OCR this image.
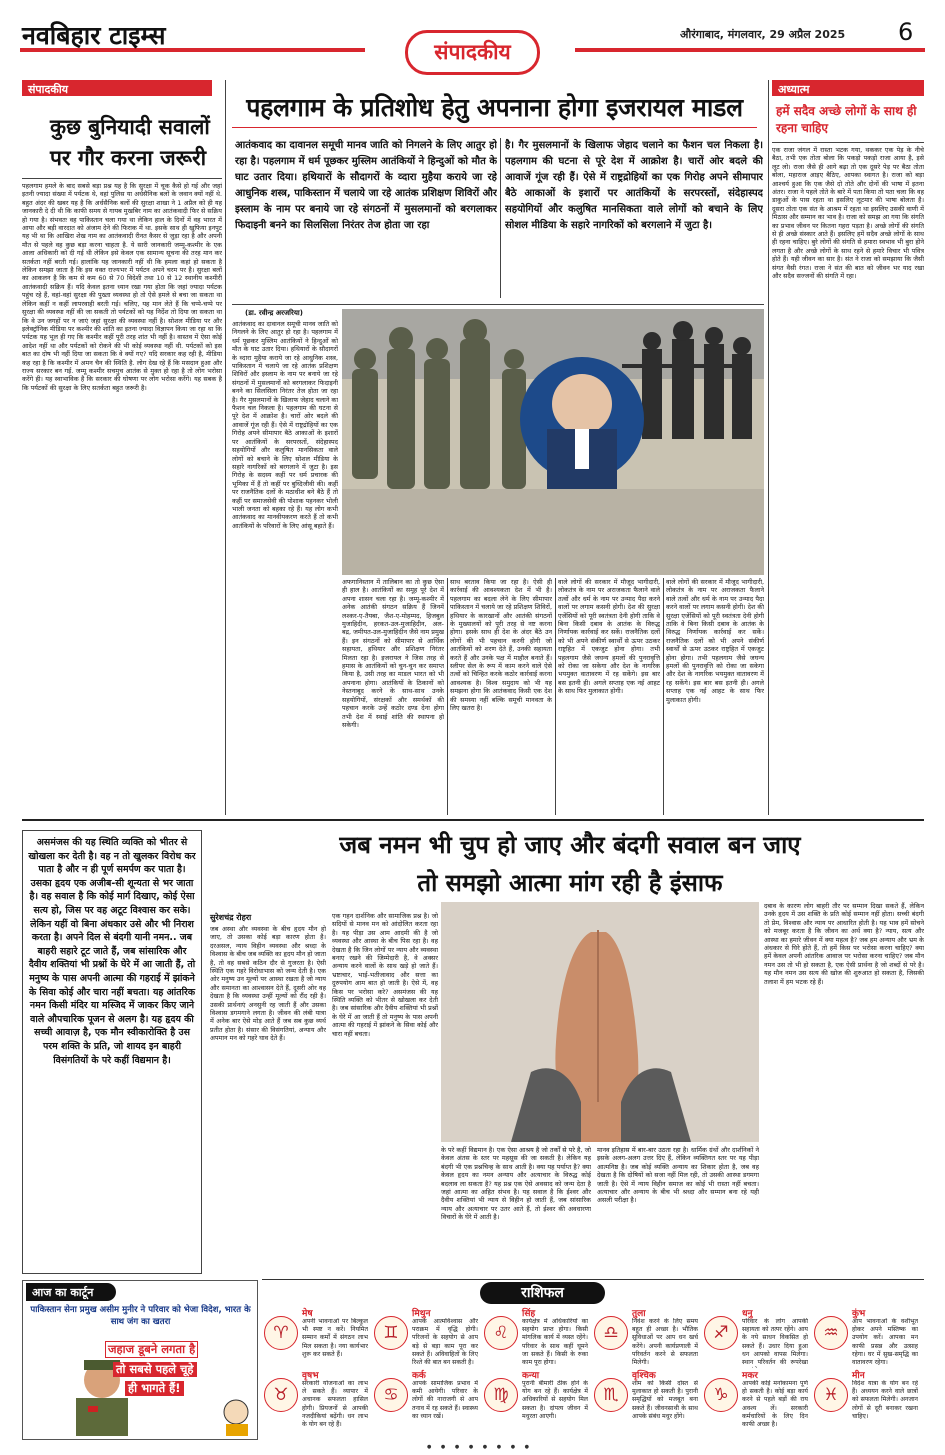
नवबिहार टाइम्स
संपादकीय
औरंगाबाद, मंगलवार, 29 अप्रैल 2025 6
संपादकीय
कुछ बुनियादी सवालों पर गौर करना जरूरी
पहलगाम हमले के बाद सबसे बड़ा प्रश्न यह है कि सुरक्षा में चूक कैसे हो गई और जहां इतनी ज्यादा संख्या में पर्यटक थे, वहां पुलिस या अर्धसैनिक बलों के जवान क्यों नहीं थे. बहुत अंदर की खबर यह है कि अर्धसैनिक बलों की सुरक्षा शाखा ने 1 अप्रैल को ही यह जानकारी दे दी थी कि काफी समय से गायब मुखबिर नाम का आतंकवादी फिर से सक्रिय हो गया है। संभवतः वह पाकिस्तान चला गया था लेकिन हाल के दिनों में वह भारत में आया और बड़ी वारदात को अंजाम देने की फिराक में था. इसके साथ ही खुफिया इनपुट यह भी था कि आखिरा शेख नाम का आतंकवादी रीनत कैसर से जुड़ा रहा है और अपनी मौत से पहले वह कुछ बड़ा करना चाहता है. ये सारी जानकारी जम्मू-कश्मीर के एक आला अधिकारी को दी गई थी लेकिन इसे केवल एक सामान्य सूचना की तरह मान कर सतर्कता नहीं बरती गई। हालांकि यह जानकारी नहीं थी कि हमला कहां हो सकता है लेकिन समझा जाता है कि इस वक्त राज्यभर में पर्यटन अपने चरम पर है। सुरक्षा बलों का आकलन है कि कम से कम 60 से 70 विदेशी तथा 10 से 12 स्थानीय कश्मीरी आतंकवादी सक्रिय हैं। यदि केवल इतना ध्यान रखा गया होता कि जहां ज्यादा पर्यटक पहुंच रहे हैं, वहां-वहां सुरक्षा की पुख्ता व्यवस्था हो तो ऐसे हमले से बचा जा सकता था लेकिन कहीं न कहीं लापरवाही बरती गई। चलिए, यह मान लेते हैं कि चप्पे-चप्पे पर सुरक्षा की व्यवस्था नहीं की जा सकती तो पर्यटकों को यह निर्देश तो दिया जा सकता था कि वे उन जगहों पर न जाएं जहां सुरक्षा की व्यवस्था नहीं है। सोशल मीडिया पर और इलेक्ट्रॉनिक मीडिया पर कश्मीर की शांति का इतना ज्यादा विज्ञापन किया जा रहा था कि पर्यटक यह भूल ही गए कि कश्मीर कहीं पूरी तरह शांत भी नहीं है। वास्तव में ऐसा कोई आदेश नहीं था और पर्यटकों को रोकने की भी कोई व्यवस्था नहीं थी. पर्यटकों को इस बात का दोष भी नहीं दिया जा सकता कि वे क्यों गए? यदि सरकार कह रही है, मीडिया कह रहा है कि कश्मीर में अमन चैन की स्थिति है. लोग देख रहे हैं कि मसदान हुआ और राज्य सरकार बन गई. जम्मू कश्मीर सचमुच आतंक से मुक्त हो रहा है तो लोग भरोसा करेंगे ही। यह स्वाभाविक है कि सरकार की घोषणा पर लोग भरोसा करेंगे। यह सबक है कि पर्यटकों की सुरक्षा के लिए सतर्कता बहुत जरूरी है।
पहलगाम के प्रतिशोध हेतु अपनाना होगा इजरायल माडल
आतंकवाद का दावानल समूची मानव जाति को निगलने के लिए आतुर हो रहा है। पहलगाम में धर्म पूछकर मुस्लिम आतंकियों ने हिन्दुओं को मौत के घाट उतार दिया। हथियारों के सौदागरों के व्दारा मुहैया कराये जा रहे आधुनिक शस्त्र, पाकिस्तान में चलाये जा रहे आतंक प्रशिक्षण शिविरों और इस्लाम के नाम पर बनाये जा रहे संगठनों में मुसलमानों को बरगलाकर फिदाइनी बनने का सिलसिला निरंतर तेज होता जा रहा
है। गैर मुसलमानों के खिलाफ जेहाद चलाने का फैशन चल निकला है। पहलगाम की घटना से पूरे देश में आक्रोश है। चारों ओर बदले की आवाजें गूंज रही हैं। ऐसे में राष्ट्रद्रोहियों का एक गिरोह अपने सीमापार बैठे आकाओं के इशारों पर आतंकियों के सरपरस्तों, संदेहास्पद सहयोगियों और कलुषित मानसिकता वाले लोगों को बचाने के लिए सोशल मीडिया के सहारे नागरिकों को बरगलाने में जुटा है।
(डा. रवीन्द्र अरजरिया)
आतंकवाद का दावानल समूची मानव जाति को निगलने के लिए आतुर हो रहा है। पहलगाम में धर्म पूछकर मुस्लिम आतंकियों ने हिन्दुओं को मौत के घाट उतार दिया। हथियारों के सौदागरों के व्दारा मुहैया कराये जा रहे आधुनिक शस्त्र, पाकिस्तान में चलाये जा रहे आतंक प्रशिक्षण शिविरों और इस्लाम के नाम पर बनाये जा रहे संगठनों में मुसलमानों को बरगलाकर फिदाइनी बनने का सिलसिला निरंतर तेज होता जा रहा है। गैर मुसलमानों के खिलाफ जेहाद चलाने का फैशन चल निकला है। पहलगाम की घटना से पूरे देश में आक्रोश है। चारों ओर बदले की आवाजें गूंज रही हैं। ऐसे में राष्ट्रद्रोहियों का एक गिरोह अपने सीमापार बैठे आकाओं के इशारों पर आतंकियों के सरपरस्तों, संदेहास्पद सहयोगियों और कलुषित मानसिकता वाले लोगों को बचाने के लिए सोशल मीडिया के सहारे नागरिकों को बरगलाने में जुटा है। इस गिरोह के सदस्य कहीं पर धर्म प्रचारक की भूमिका में हैं तो कहीं पर बुध्दिजीवी की। कहीं पर राजनैतिक दलों के मठाधीश बने बैठे हैं तो कहीं पर समाजसेवी की पोशाक पहनकर भोली भाली जनता को बहका रहे हैं। यह लोग कभी आतंकवाद का मानवीयकरण करते हैं तो कभी आतंकियों के परिवारों के लिए आंसू बहाते हैं।
अफगानिस्तान में तालिबान का तो कुछ ऐसा ही हाल है। आतंकियों का समूह पूरे देश में अपना शासन चला रहा है। जम्मू-कश्मीर में अनेक आतंकी संगठन सक्रिय हैं जिनमें लश्कर-ए-तैयबा, जैश-ए-मोहम्मद, हिजबुल मुजाहिदीन, हरकत-उल-मुजाहिदीन, अल-बद्र, जमीयत-उल-मुजाहिदीन जैसे नाम प्रमुख हैं। इन संगठनों को सीमापार से आर्थिक सहायता, हथियार और प्रशिक्षण निरंतर मिलता रहा है। इजरायल ने जिस तरह से हमास के आतंकियों को चुन-चुन कर समाप्त किया है, उसी तरह का माडल भारत को भी अपनाना होगा। आतंकियों के ठिकानों को नेस्तनाबूद करने के साथ-साथ उनके सहयोगियों, संरक्षकों और समर्थकों की पहचान करके उन्हें कठोर दण्ड देना होगा तभी देश में स्थाई शांति की स्थापना हो सकेगी।
साथ बरताव किया जा रहा है। ऐसी ही कार्रवाई की आवश्यकता देश में भी है। पहलगाम का बदला लेने के लिए सीमापार पाकिस्तान में चलाये जा रहे प्रशिक्षण शिविरों, हथियार के कारखानों और आतंकी संगठनों के मुख्यालयों को पूरी तरह से नष्ट करना होगा। इसके साथ ही देश के अंदर बैठे उन लोगों की भी पहचान करनी होगी जो आतंकियों को शरण देते हैं, उनकी सहायता करते हैं और उनके पक्ष में माहौल बनाते हैं। स्लीपर सेल के रूप में काम करने वाले ऐसे तत्वों को चिन्हित करके कठोर कार्रवाई करना आवश्यक है। विश्व समुदाय को भी यह समझना होगा कि आतंकवाद किसी एक देश की समस्या नहीं बल्कि समूची मानवता के लिए खतरा है।
वाले लोगों की सरकार में मौजूद भागीदारी, लोकतंत्र के नाम पर अराजकता फैलाने वाले तत्वों और धर्म के नाम पर उन्माद पैदा करने वालों पर लगाम कसनी होगी। देश की सुरक्षा एजेंसियों को पूरी स्वतंत्रता देनी होगी ताकि वे बिना किसी दबाव के आतंक के विरुद्ध निर्णायक कार्रवाई कर सकें। राजनैतिक दलों को भी अपने संकीर्ण स्वार्थों से ऊपर उठकर राष्ट्रहित में एकजुट होना होगा। तभी पहलगाम जैसे जघन्य हमलों की पुनरावृत्ति को रोका जा सकेगा और देश के नागरिक भयमुक्त वातावरण में रह सकेंगे। इस बार बस इतनी ही। अगले सप्ताह एक नई आहट के साथ फिर मुलाकात होगी।
वाले लोगों की सरकार में मौजूद भागीदारी, लोकतंत्र के नाम पर अराजकता फैलाने वाले तत्वों और धर्म के नाम पर उन्माद पैदा करने वालों पर लगाम कसनी होगी। देश की सुरक्षा एजेंसियों को पूरी स्वतंत्रता देनी होगी ताकि वे बिना किसी दबाव के आतंक के विरुद्ध निर्णायक कार्रवाई कर सकें। राजनैतिक दलों को भी अपने संकीर्ण स्वार्थों से ऊपर उठकर राष्ट्रहित में एकजुट होना होगा। तभी पहलगाम जैसे जघन्य हमलों की पुनरावृत्ति को रोका जा सकेगा और देश के नागरिक भयमुक्त वातावरण में रह सकेंगे। इस बार बस इतनी ही। अगले सप्ताह एक नई आहट के साथ फिर मुलाकात होगी।
अध्यात्म
हमें सदैव अच्छे लोगों के साथ ही रहना चाहिए
एक राजा जंगल में रास्ता भटक गया, थककर एक पेड़ के नीचे बैठा, तभी एक तोता बोला कि पकड़ो पकड़ो राजा आया है, इसे लूट लो। राजा जैसे ही आगे बढ़ा तो एक दूसरे पेड़ पर बैठा तोता बोला, महाराज आइए बैठिए, आपका स्वागत है। राजा को बड़ा आश्चर्य हुआ कि एक जैसे दो तोते और दोनों की भाषा में इतना अंतर। राजा ने पहले तोते के बारे में पता किया तो पता चला कि वह डाकुओं के पास रहता था इसलिए लूटमार की भाषा बोलता है। दूसरा तोता एक संत के आश्रम में रहता था इसलिए उसकी वाणी में मिठास और सम्मान का भाव है। राजा को समझ आ गया कि संगति का प्रभाव जीवन पर कितना गहरा पड़ता है। अच्छे लोगों की संगति से ही अच्छे संस्कार आते हैं। इसलिए हमें सदैव अच्छे लोगों के साथ ही रहना चाहिए। बुरे लोगों की संगति से हमारा स्वभाव भी बुरा होने लगता है और अच्छे लोगों के साथ रहने से हमारे विचार भी पवित्र होते हैं। यही जीवन का सार है। संत ने राजा को समझाया कि जैसी संगत वैसी रंगत। राजा ने संत की बात को जीवन भर याद रखा और सदैव सज्जनों की संगति में रहा।
जब नमन भी चुप हो जाए और बंदगी सवाल बन जाए
तो समझो आत्मा मांग रही है इंसाफ
असमंजस की यह स्थिति व्यक्ति को भीतर से खोखला कर देती है। वह न तो खुलकर विरोध कर पाता है और न ही पूर्ण समर्पण कर पाता है। उसका हृदय एक अजीब-सी शून्यता से भर जाता है। वह सवाल है कि कोई मार्ग दिखाए, कोई ऐसा सत्य हो, जिस पर वह अटूट विश्वास कर सके। लेकिन यहीं वो बिना अंधकार उसे और भी निराश करता है। अपने दिल से बंदगी यानी नमन.. जब बाहरी सहारे टूट जाते हैं, जब सांसारिक और दैवीय शक्तियां भी प्रश्नों के घेरे में आ जाती हैं, तो मनुष्य के पास अपनी आत्मा की गहराई में झांकने के सिवा कोई और चारा नहीं बचता। यह आंतरिक नमन किसी मंदिर या मस्जिद में जाकर किए जाने वाले औपचारिक पूजन से अलग है। यह हृदय की सच्ची आवाज़ है, एक मौन स्वीकारोक्ति है उस परम शक्ति के प्रति, जो शायद इन बाहरी विसंगतियों के परे कहीं विद्यमान है।
सुरेशचंद्र रोहरा
जब अस्था और व्यवस्था के बीच हृदय मौन हो जाए, तो उसका कोई बड़ा कारण होता है। दरअसल, न्याय विहीन व्यवस्था और श्रध्दा के विश्वास के बीच जब व्यक्ति का हृदय मौन हो जाता है, तो वह सबसे कठिन दौर से गुजरता है। ऐसी स्थिति एक गहरे विरोधाभास को जन्म देती है। एक ओर मनुष्य उन मूल्यों पर आस्था रखता है जो न्याय और समानता का आश्वासन देते हैं, दूसरी ओर वह देखता है कि व्यवस्था उन्हीं मूल्यों को रौंद रही है। उसकी प्रार्थनाएं अनसुनी रह जाती हैं और उसका विश्वास डगमगाने लगता है। जीवन की लंबी यात्रा में अनेक बार ऐसे मोड़ आते हैं जब सब कुछ व्यर्थ प्रतीत होता है। संसार की विसंगतियां, अन्याय और अपमान मन को गहरे घाव देते हैं।
एक गहन दार्शनिक और सामाजिक प्रश्न है। जो सदियों से मानव मन को आंदोलित करता रहा है। यह पीड़ा उस आम आदमी की है जो व्यवस्था और आस्था के बीच पिस रहा है। वह देखता है कि जिन लोगों पर न्याय और व्यवस्था बनाए रखने की जिम्मेदारी है, वे अक्सर अन्याय करने वालों के साथ खड़े हो जाते हैं। भ्रष्टाचार, भाई-भतीजावाद और सत्ता का दुरुपयोग आम बात हो जाती है। ऐसे में, वह किस पर भरोसा करे? असमंजस की यह स्थिति व्यक्ति को भीतर से खोखला कर देती है। जब सांसारिक और दैवीय शक्तियां भी प्रश्नों के घेरे में आ जाती हैं तो मनुष्य के पास अपनी आत्मा की गहराई में झांकने के सिवा कोई और चारा नहीं बचता।
के परे कहीं विद्यमान है। एक ऐसा आश्रय है जो तर्कों से परे है, जो केवल अंतस के स्तर पर महसूस की जा सकती है। लेकिन यह बंदगी भी एक प्रश्नचिन्ह के साथ आती है। क्या यह पर्याप्त है? क्या केवल हृदय का नमन अन्याय और अत्याचार के विरुद्ध कोई बदलाव ला सकता है? यह प्रश्न एक ऐसे अवसाद को जन्म देता है जहां आत्मा का अहित संभव है। यह सवाल है कि ईश्वर और दैवीय शक्तियां भी न्याय से विहीन हो जाती हैं, जब सांसारिक न्याय और अत्याचार पर उतर आते हैं, तो ईश्वर की अवधारणा विचारों के घेरे में आती है।
मानव इतिहास में बार-बार उठता रहा है। धार्मिक ग्रंथों और दार्शनिकों ने इसके अलग-अलग उत्तर दिए हैं, लेकिन व्यक्तिगत स्तर पर यह पीड़ा आत्मनिष्ठ है। जब कोई व्यक्ति अन्याय का शिकार होता है, जब वह देखता है कि दोषियों को सजा नहीं मिल रही, तो उसकी आस्था डगमगा जाती है। ऐसे में न्याय विहीन समाज का कोई भी रास्ता नहीं बचता। अत्याचार और अन्याय के बीच भी श्रध्दा और सम्मान बना रहे यही असली परीक्षा है।
दबाव के कारण लोग बाहरी तौर पर सम्मान दिखा सकते हैं, लेकिन उनके हृदय में उस शक्ति के प्रति कोई सम्मान नहीं होता। सच्ची बंदगी तो प्रेम, विश्वास और न्याय पर आधारित होती है। यह भाव हमें सोचने को मजबूर करता है कि जीवन का अर्थ क्या है? न्याय, सत्य और आस्था का हमारे जीवन में क्या महत्व है? जब हम अन्याय और भ्रम के अंधकार से घिरे होते हैं, तो हमें किस पर भरोसा करना चाहिए? क्या हमें केवल अपनी आंतरिक आवाज पर भरोसा करना चाहिए? जब मौन नमन उस तो भी हो सकता है, एक ऐसी प्रार्थना है जो शब्दों से परे है। यह मौन नमन उस सत्य की खोज की शुरुआत हो सकता है, जिसकी तलाश में हम भटक रहे हैं।
आज का कार्टून
पाकिस्तान सेना प्रमुख असीम मुनीर ने परिवार को भेजा विदेश, भारत के साथ जंग का खतरा
जहाज डूबने लगता है तो सबसे पहले चूहे ही भागते हैं!
राशिफल
मेष
♈
अपनी भावनाओं पर बिल्कुल भी स्पष्ट न करें। नियमित सम्मान कर्मों में संगठन लाभ मिल सकता है। नया कार्यभार शुरू कर सकते हैं।
मिथुन
♊
आपके आत्मविश्वास और पराक्रम में वृद्धि होगी। परिजनों के सहयोग से आप बड़े से बड़ा काम पूरा कर सकते हैं। अविवाहितों के लिए रिश्ते की बात बन सकती है।
सिंह
♌
कार्यक्षेत्र में अधिकारियों का सहयोग प्राप्त होगा। किसी मांगलिक कार्य में व्यस्त रहेंगे। परिवार के साथ कहीं घूमने जा सकते हैं। किसी के रुका काम पूरा होगा।
तुला
♎
निवेश करने के लिए समय बहुत ही अच्छा है। भौतिक सुविधाओं पर आप धन खर्च करेंगे। अपनी कार्यप्रणाली में परिवर्तन करने से सफलता मिलेगी।
धनु
♐
परिवार के लोग आपकी सहायता को तत्पर रहेंगे। आय के नये साधन विकसित हो सकते हैं। उधार दिया हुआ धन आपको वापस मिलेगा। स्थान परिवर्तन की रूपरेखा
कुंभ
♒
आप भावनाओं के वशीभूत होकर अपने मस्तिष्क का उपयोग करें। आपका मन काफी प्रसन्न और उत्साह रहेगा। घर में सुख-समृद्धि का वातावरण रहेगा।
वृषभ
♉
सरकारी योजनाओं का लाभ ले सकते हैं। व्यापार में अचानक सफलता हासिल होगी। प्रियजनों से आपकी नजदीकियां बढ़ेंगी। धन लाभ के योग बन रहे हैं।
कर्क
♋
आपके सामाजिक प्रभाव में कमी आयेगी। परिवार के लोगों की नाराजगी से आप तनाव में रह सकते हैं। स्वास्थ्य का ध्यान रखें।
कन्या
♍
पुरानी बीमारी ठीक होने के योग बन रहे हैं। कार्यक्षेत्र में अधिकारियों से सहयोग मिल सकता है। दांपत्य जीवन में मधुरता आएगी।
वृश्चिक
♏
शाम को किसी दोस्त से मुलाकात हो सकती है। पुरानी समृद्धियों को मजबूत बना सकते हैं। जीवनसाथी के साथ आपके संबंध मधुर होंगे।
मकर
♑
आपकी कोई मनोकामना पूर्ण हो सकती है। कोई बड़ा कार्य करने से पहले बड़ों की राय अवश्य लें। सरकारी कर्मचारियों के लिए दिन काफी अच्छा है।
मीन
♓
विदेश यात्रा के योग बन रहे हैं। अध्ययन करने वाले छात्रों को सफलता मिलेगी। अनजान लोगों से दूरी बनाकर रखना चाहिए।
● ● ● ● ● ● ● ●
